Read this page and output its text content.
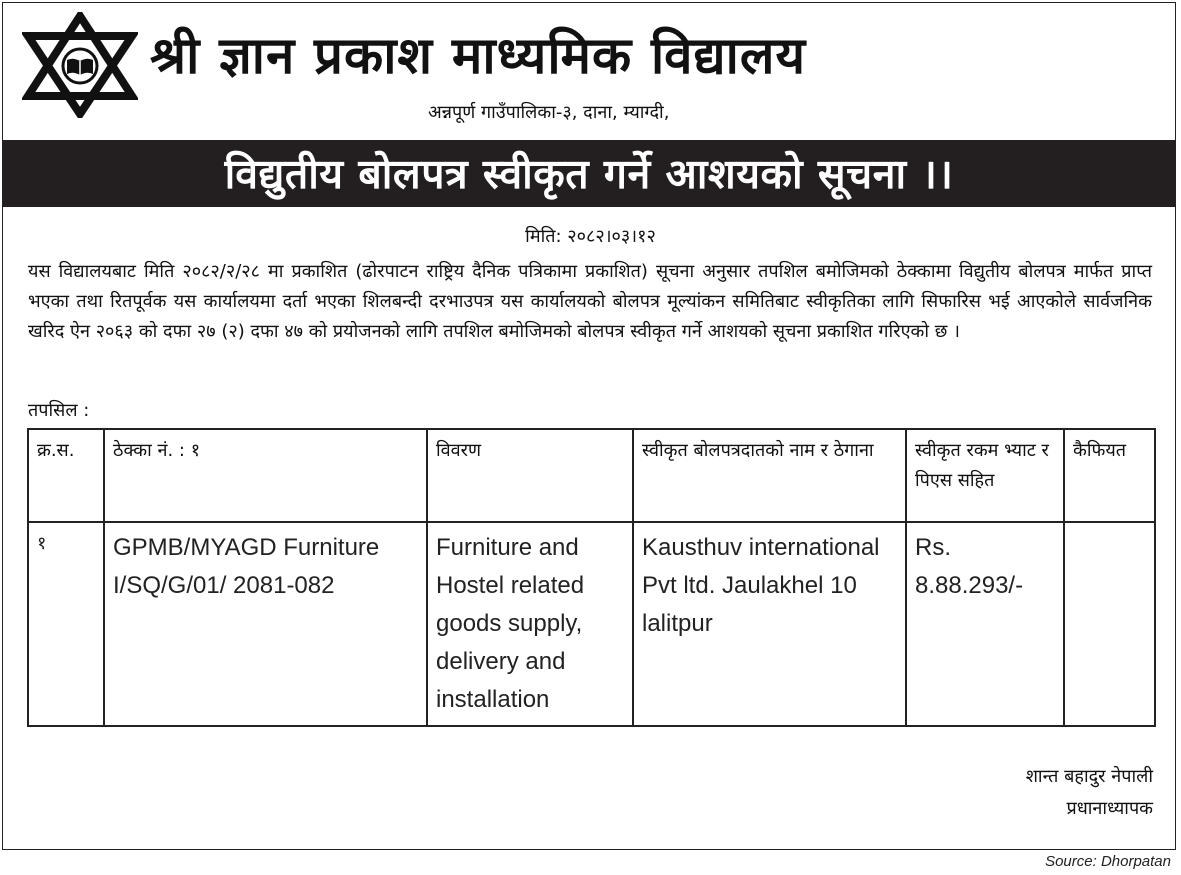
श्री ज्ञान प्रकाश माध्यमिक विद्यालय
अन्नपूर्ण गाउँपालिका-३, दाना, म्याग्दी,
विद्युतीय बोलपत्र स्वीकृत गर्ने आशयको सूचना ।।
मिति: २०८२।०३।१२
यस विद्यालयबाट मिति २०८२/२/२८ मा प्रकाशित (ढोरपाटन राष्ट्रिय दैनिक पत्रिकामा प्रकाशित) सूचना अनुसार तपशिल बमोजिमको ठेक्कामा विद्युतीय बोलपत्र मार्फत प्राप्त भएका तथा रितपूर्वक यस कार्यालयमा दर्ता भएका शिलबन्दी दरभाउपत्र यस कार्यालयको बोलपत्र मूल्यांकन समितिबाट स्वीकृतिका लागि सिफारिस भई आएकोले सार्वजनिक खरिद ऐन २०६३ को दफा २७ (२) दफा ४७ को प्रयोजनको लागि तपशिल बमोजिमको बोलपत्र स्वीकृत गर्ने आशयको सूचना प्रकाशित गरिएको छ ।
तपसिल :
क्र.स.	ठेक्का नं. : १	विवरण	स्वीकृत बोलपत्रदातको नाम र ठेगाना	स्वीकृत रकम भ्याट र पिएस सहित	कैफियत
१	GPMB/MYAGD Furniture I/SQ/G/01/ 2081-082	Furniture and Hostel related goods supply, delivery and installation	Kausthuv international Pvt ltd. Jaulakhel 10 lalitpur	Rs. 8.88.293/-	
शान्त बहादुर नेपाली
प्रधानाध्यापक
Source: Dhorpatan
